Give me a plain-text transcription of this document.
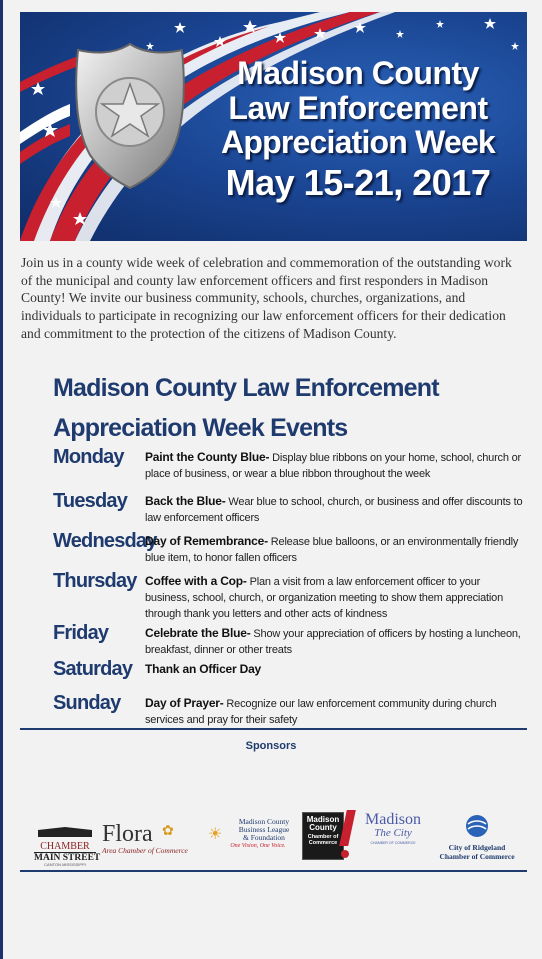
Madison County
Law Enforcement
Appreciation Week
May 15-21, 2017
Join us in a county wide week of celebration and commemoration of the outstanding work of the municipal and county law enforcement officers and first responders in Madison County! We invite our business community, schools, churches, organizations, and individuals to participate in recognizing our law enforcement officers for their dedication and commitment to the protection of the citizens of Madison County.
Madison County Law Enforcement
Appreciation Week Events
Monday Paint the County Blue- Display blue ribbons on your home, school, church or place of business, or wear a blue ribbon throughout the week
Tuesday Back the Blue- Wear blue to school, church, or business and offer discounts to law enforcement officers
Wednesday
Day of Remembrance- Release blue balloons, or an environmentally friendly blue item, to honor fallen officers
Thursday Coffee with a Cop- Plan a visit from a law enforcement officer to your business, school, church, or organization meeting to show them appreciation through thank you letters and other acts of kindness
Friday	Celebrate the Blue- Show your appreciation of officers by hosting a luncheon, breakfast, dinner or other treats
Saturday Thank an Officer Day
Sunday Day of Prayer- Recognize our law enforcement community during church services and pray for their safety
Sponsors
CHAMBER
MAIN STREET
CANTON MISSISSIPPI
Flora ✿
Area Chamber of Commerce
☀
Madison County
Business League
& Foundation
One Vision, One Voice.
Madison
County
Chamber of
Commerce
Madison
The City
CHAMBER OF COMMERCE	City of Ridgeland
Chamber of Commerce
